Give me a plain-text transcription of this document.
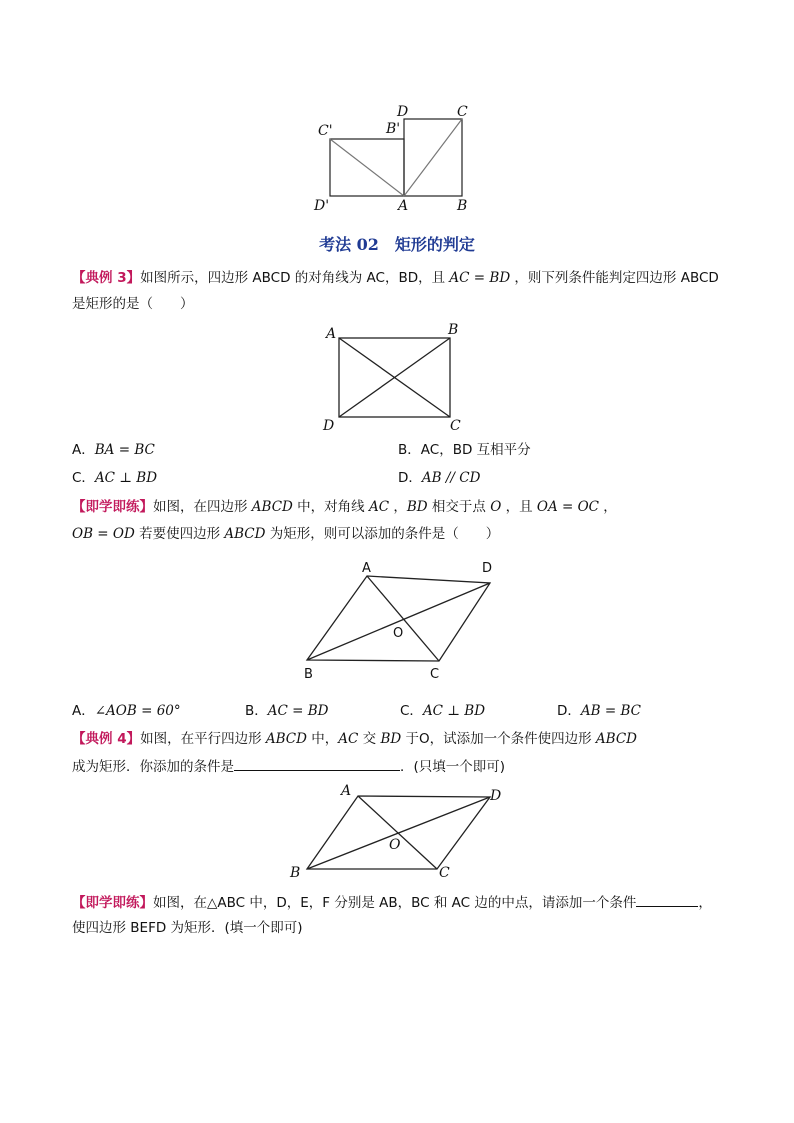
C'	B'
D	C
D'	A	B
考法 02　矩形的判定
【典例 3】如图所示，四边形 ABCD 的对角线为 AC，BD，且 AC = BD ，则下列条件能判定四边形 ABCD
是矩形的是（　　）
A	B
C
D
A．BA = BC	B．AC，BD 互相平分
C．AC ⊥ BD	D．AB // CD
【即学即练】如图，在四边形 ABCD 中，对角线 AC ，BD 相交于点 O ，且 OA = OC ，
OB = OD 若要使四边形 ABCD 为矩形，则可以添加的条件是（　　）
A	D
O
B	C
A．∠AOB = 60°	B．AC = BD	C．AC ⊥ BD	D．AB = BC
【典例 4】如图，在平行四边形 ABCD 中，AC 交 BD 于O，试添加一个条件使四边形 ABCD
成为矩形．你添加的条件是	．(只填一个即可)
A	D
O
B	C
【即学即练】如图，在△ABC 中，D，E，F 分别是 AB，BC 和 AC 边的中点，请添加一个条件	，
使四边形 BEFD 为矩形．(填一个即可)
